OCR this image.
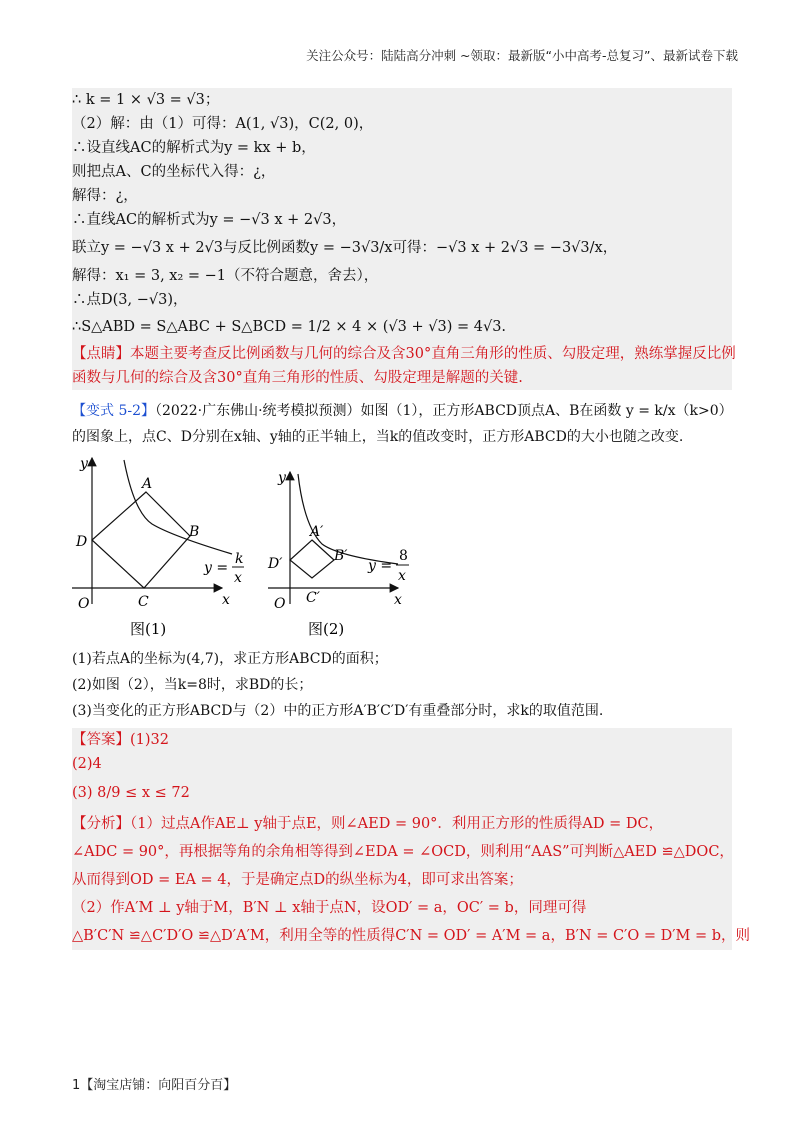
关注公众号：陆陆高分冲刺 ~领取：最新版“小中高考-总复习”、最新试卷下载
∴ k = 1 × √3 = √3；
（2）解：由（1）可得：A(1, √3)，C(2, 0)，
∴设直线AC的解析式为y = kx + b，
则把点A、C的坐标代入得：¿，
解得：¿，
∴直线AC的解析式为y = −√3 x + 2√3，
联立y = −√3 x + 2√3与反比例函数y = −3√3/x可得：−√3 x + 2√3 = −3√3/x，
解得：x₁ = 3, x₂ = −1（不符合题意，舍去），
∴点D(3, −√3)，
∴S△ABD = S△ABC + S△BCD = 1/2 × 4 × (√3 + √3) = 4√3.
【点睛】本题主要考查反比例函数与几何的综合及含30°直角三角形的性质、勾股定理，熟练掌握反比例
函数与几何的综合及含30°直角三角形的性质、勾股定理是解题的关键.
【变式 5-2】（2022·广东佛山·统考模拟预测）如图（1），正方形ABCD顶点A、B在函数 y = k/x（k>0）
的图象上，点C、D分别在x轴、y轴的正半轴上，当k的值改变时，正方形ABCD的大小也随之改变.
y
x
O
A
B
C
D
y =
k
x
图(1)
y
x
O
A′
B′
C′
D′	y =
8
x
图(2)
(1)若点A的坐标为(4,7)，求正方形ABCD的面积；
(2)如图（2），当k=8时，求BD的长；
(3)当变化的正方形ABCD与（2）中的正方形A′B′C′D′有重叠部分时，求k的取值范围.
【答案】(1)32
(2)4
(3) 8/9 ≤ x ≤ 72
【分析】（1）过点A作AE⊥ y轴于点E，则∠AED = 90°．利用正方形的性质得AD = DC，
∠ADC = 90°，再根据等角的余角相等得到∠EDA = ∠OCD，则利用“AAS”可判断△AED ≌△DOC，
从而得到OD = EA = 4，于是确定点D的纵坐标为4，即可求出答案；
（2）作A′M ⊥ y轴于M，B′N ⊥ x轴于点N，设OD′ = a，OC′ = b，同理可得
△B′C′N ≌△C′D′O ≌△D′A′M，利用全等的性质得C′N = OD′ = A′M = a，B′N = C′O = D′M = b，则
1【淘宝店铺：向阳百分百】
